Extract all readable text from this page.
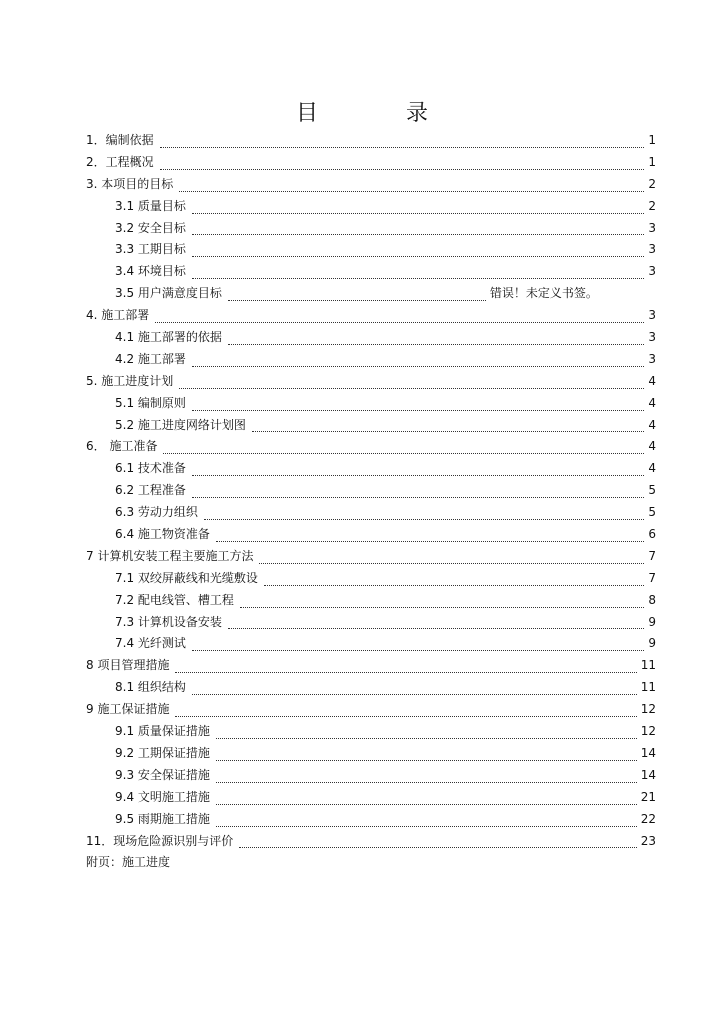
目　　　　录
1．编制依据	1
2．工程概况	1
3. 本项目的目标	2
3.1 质量目标	2
3.2 安全目标	3
3.3 工期目标	3
3.4 环境目标	3
3.5 用户满意度目标	错误！未定义书签。
4. 施工部署	3
4.1 施工部署的依据	3
4.2 施工部署	3
5. 施工进度计划	4
5.1 编制原则	4
5.2 施工进度网络计划图	4
6． 施工准备	4
6.1 技术准备	4
6.2 工程准备	5
6.3 劳动力组织	5
6.4 施工物资准备	6
7 计算机安装工程主要施工方法	7
7.1 双绞屏蔽线和光缆敷设	7
7.2 配电线管、槽工程	8
7.3 计算机设备安装	9
7.4 光纤测试	9
8 项目管理措施	11
8.1 组织结构	11
9 施工保证措施	12
9.1 质量保证措施	12
9.2 工期保证措施	14
9.3 安全保证措施	14
9.4 文明施工措施	21
9.5 雨期施工措施	22
11．现场危险源识别与评价	23
附页：施工进度
